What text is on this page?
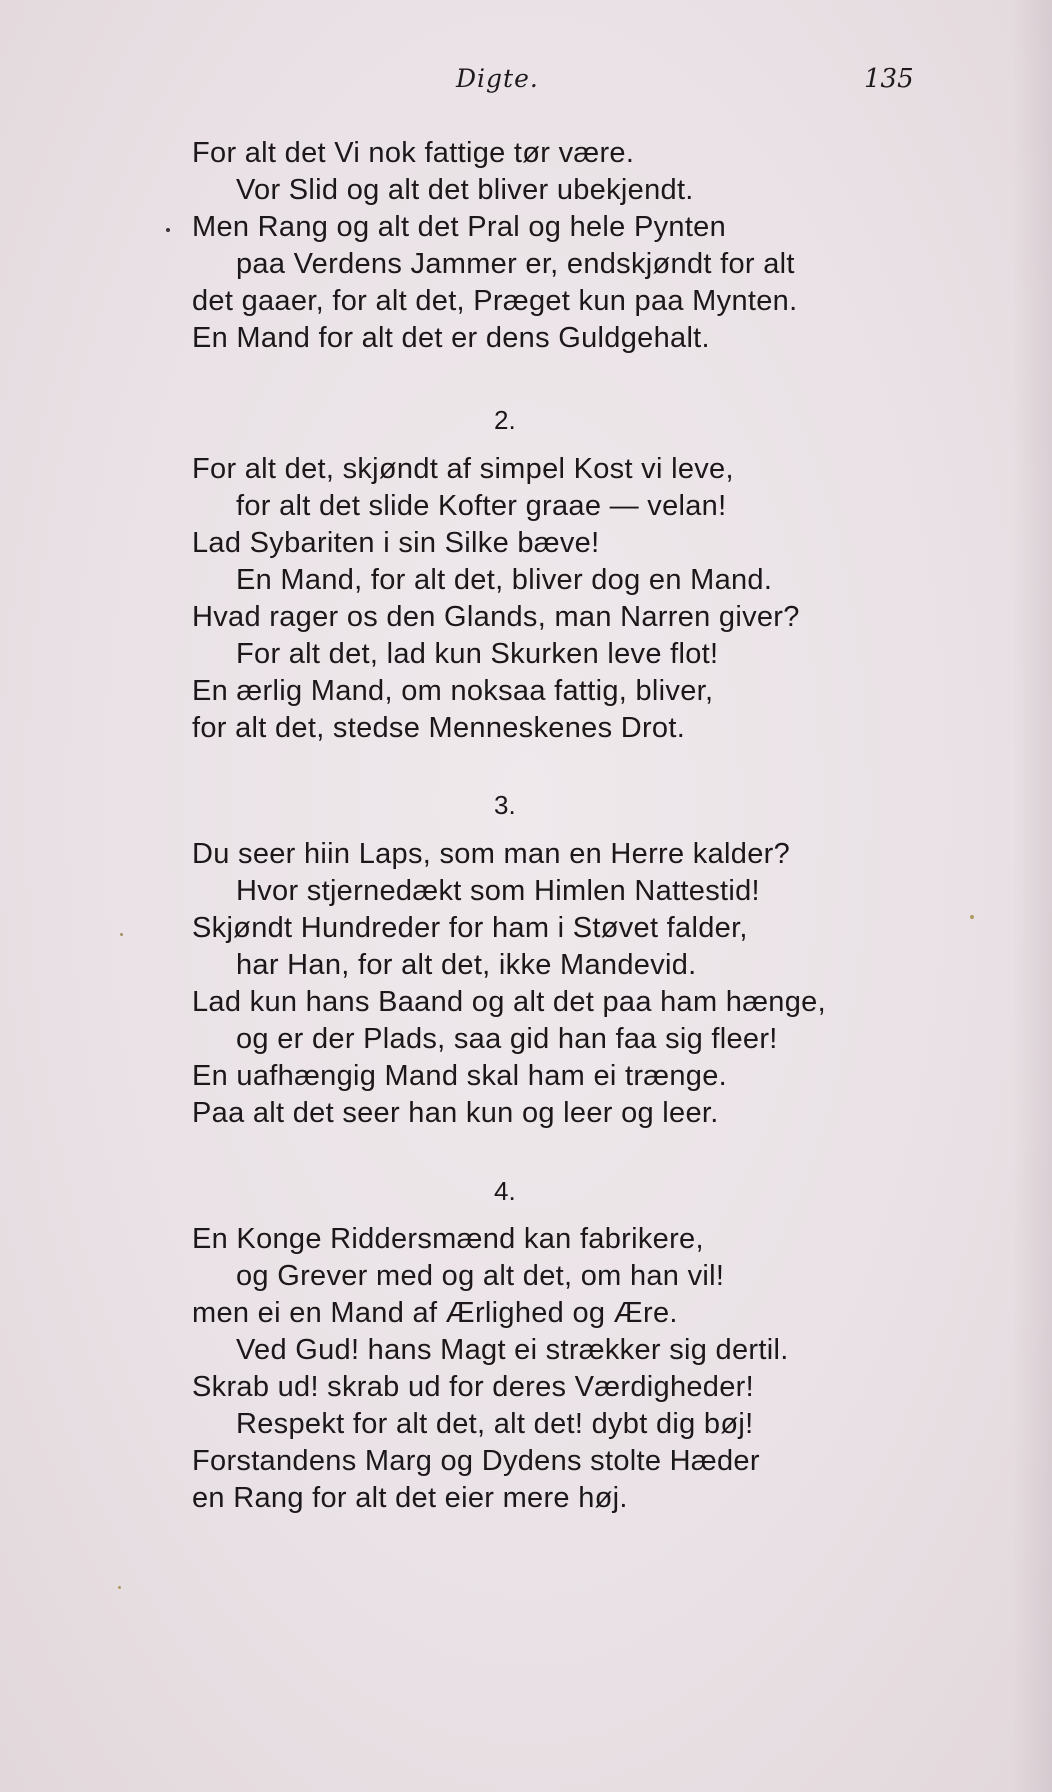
Digte.	135
For alt det Vi nok fattige tør være.
Vor Slid og alt det bliver ubekjendt.
Men Rang og alt det Pral og hele Pynten
paa Verdens Jammer er, endskjøndt for alt
det gaaer, for alt det, Præget kun paa Mynten.
En Mand for alt det er dens Guldgehalt.
2.
For alt det, skjøndt af simpel Kost vi leve,
for alt det slide Kofter graae — velan!
Lad Sybariten i sin Silke bæve!
En Mand, for alt det, bliver dog en Mand.
Hvad rager os den Glands, man Narren giver?
For alt det, lad kun Skurken leve flot!
En ærlig Mand, om noksaa fattig, bliver,
for alt det, stedse Menneskenes Drot.
3.
Du seer hiin Laps, som man en Herre kalder?
Hvor stjernedækt som Himlen Nattestid!
Skjøndt Hundreder for ham i Støvet falder,
har Han, for alt det, ikke Mandevid.
Lad kun hans Baand og alt det paa ham hænge,
og er der Plads, saa gid han faa sig fleer!
En uafhængig Mand skal ham ei trænge.
Paa alt det seer han kun og leer og leer.
4.
En Konge Riddersmænd kan fabrikere,
og Grever med og alt det, om han vil!
men ei en Mand af Ærlighed og Ære.
Ved Gud! hans Magt ei strækker sig dertil.
Skrab ud! skrab ud for deres Værdigheder!
Respekt for alt det, alt det! dybt dig bøj!
Forstandens Marg og Dydens stolte Hæder
en Rang for alt det eier mere høj.
